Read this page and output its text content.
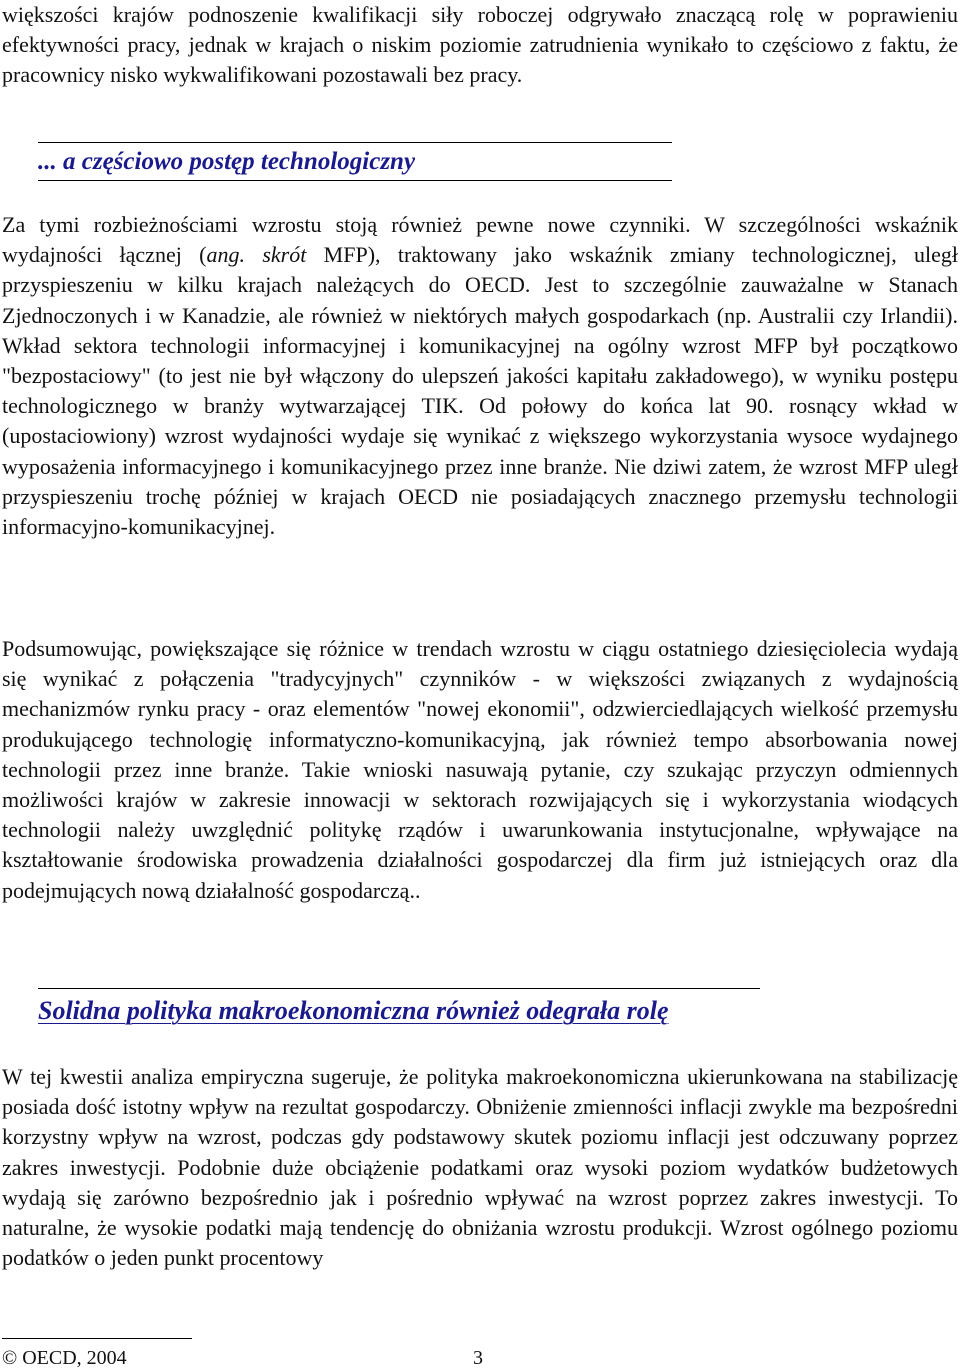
większości krajów podnoszenie kwalifikacji siły roboczej odgrywało znaczącą rolę w poprawieniu efektywności pracy, jednak w krajach o niskim poziomie zatrudnienia wynikało to częściowo z faktu, że pracownicy nisko wykwalifikowani pozostawali bez pracy.

... a częściowo postęp technologiczny

Za tymi rozbieżnościami wzrostu stoją również pewne nowe czynniki. W szczególności wskaźnik wydajności łącznej (ang. skrót MFP), traktowany jako wskaźnik zmiany technologicznej, uległ przyspieszeniu w kilku krajach należących do OECD. Jest to szczególnie zauważalne w Stanach Zjednoczonych i w Kanadzie, ale również w niektórych małych gospodarkach (np. Australii czy Irlandii). Wkład sektora technologii informacyjnej i komunikacyjnej na ogólny wzrost MFP był początkowo "bezpostaciowy" (to jest nie był włączony do ulepszeń jakości kapitału zakładowego), w wyniku postępu technologicznego w branży wytwarzającej TIK. Od połowy do końca lat 90. rosnący wkład w (upostaciowiony) wzrost wydajności wydaje się wynikać z większego wykorzystania wysoce wydajnego wyposażenia informacyjnego i komunikacyjnego przez inne branże. Nie dziwi zatem, że wzrost MFP uległ przyspieszeniu trochę później w krajach OECD nie posiadających znacznego przemysłu technologii informacyjno-komunikacyjnej.

Podsumowując, powiększające się różnice w trendach wzrostu w ciągu ostatniego dziesięciolecia wydają się wynikać z połączenia "tradycyjnych" czynników - w większości związanych z wydajnością mechanizmów rynku pracy - oraz elementów "nowej ekonomii", odzwierciedlających wielkość przemysłu produkującego technologię informatyczno-komunikacyjną, jak również tempo absorbowania nowej technologii przez inne branże. Takie wnioski nasuwają pytanie, czy szukając przyczyn odmiennych możliwości krajów w zakresie innowacji w sektorach rozwijających się i wykorzystania wiodących technologii należy uwzględnić politykę rządów i uwarunkowania instytucjonalne, wpływające na kształtowanie środowiska prowadzenia działalności gospodarczej dla firm już istniejących oraz dla podejmujących nową działalność gospodarczą..

Solidna polityka makroekonomiczna również odegrała rolę

W tej kwestii analiza empiryczna sugeruje, że polityka makroekonomiczna ukierunkowana na stabilizację posiada dość istotny wpływ na rezultat gospodarczy. Obniżenie zmienności inflacji zwykle ma bezpośredni korzystny wpływ na wzrost, podczas gdy podstawowy skutek poziomu inflacji jest odczuwany poprzez zakres inwestycji. Podobnie duże obciążenie podatkami oraz wysoki poziom wydatków budżetowych wydają się zarówno bezpośrednio jak i pośrednio wpływać na wzrost poprzez zakres inwestycji. To naturalne, że wysokie podatki mają tendencję do obniżania wzrostu produkcji. Wzrost ogólnego poziomu podatków o jeden punkt procentowy

© OECD, 2004	3
